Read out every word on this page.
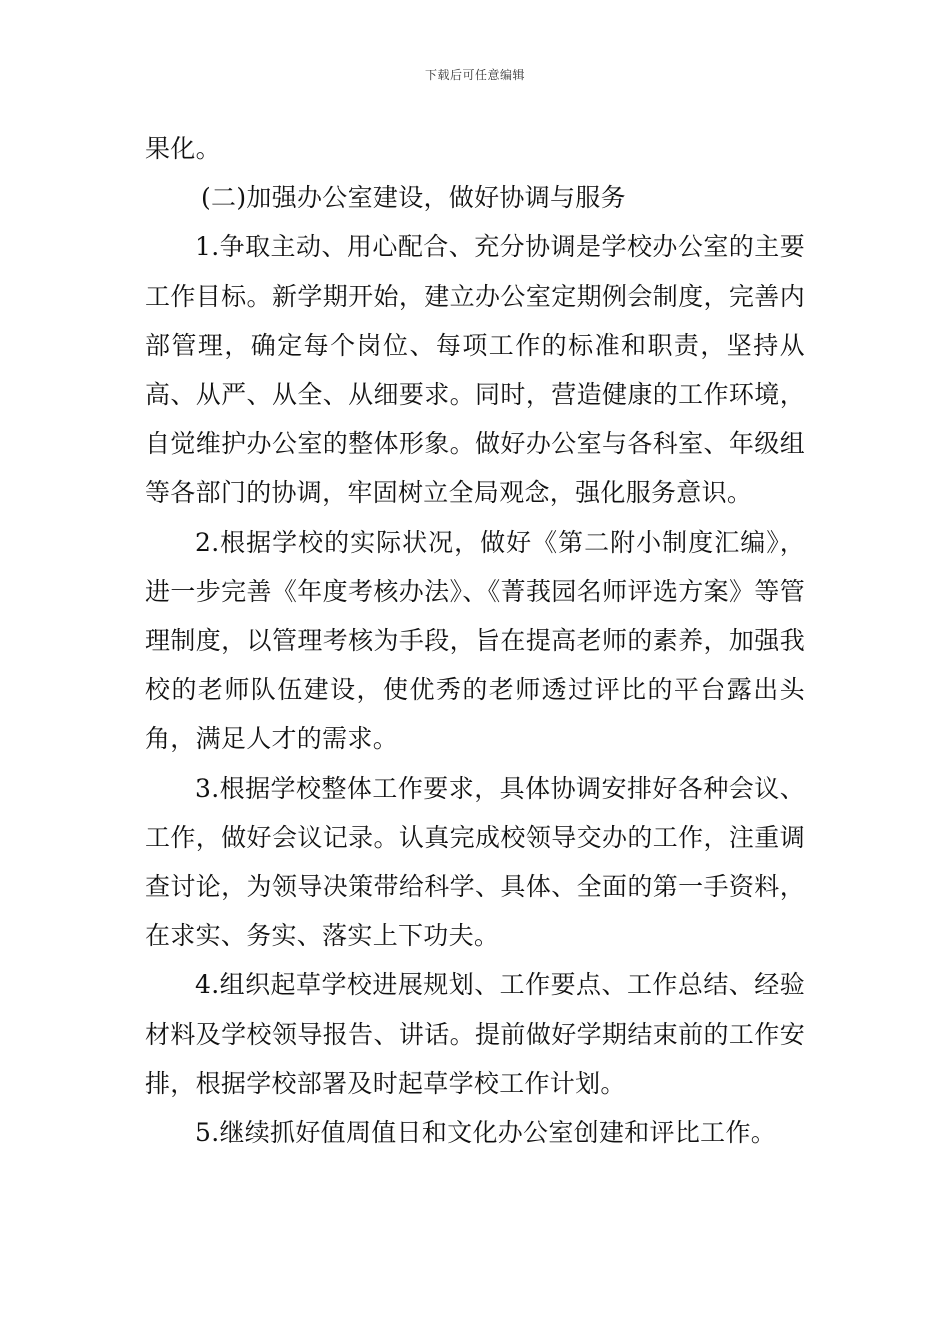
下载后可任意编辑

果化。

(二)加强办公室建设，做好协调与服务

1.争取主动、用心配合、充分协调是学校办公室的主要工作目标。新学期开始，建立办公室定期例会制度，完善内部管理，确定每个岗位、每项工作的标准和职责，坚持从高、从严、从全、从细要求。同时，营造健康的工作环境，自觉维护办公室的整体形象。做好办公室与各科室、年级组等各部门的协调，牢固树立全局观念，强化服务意识。

2.根据学校的实际状况，做好《第二附小制度汇编》，进一步完善《年度考核办法》、《菁莪园名师评选方案》等管理制度，以管理考核为手段，旨在提高老师的素养，加强我校的老师队伍建设，使优秀的老师透过评比的平台露出头角，满足人才的需求。

3.根据学校整体工作要求，具体协调安排好各种会议、工作，做好会议记录。认真完成校领导交办的工作，注重调查讨论，为领导决策带给科学、具体、全面的第一手资料，在求实、务实、落实上下功夫。

4.组织起草学校进展规划、工作要点、工作总结、经验材料及学校领导报告、讲话。提前做好学期结束前的工作安排，根据学校部署及时起草学校工作计划。

5.继续抓好值周值日和文化办公室创建和评比工作。
